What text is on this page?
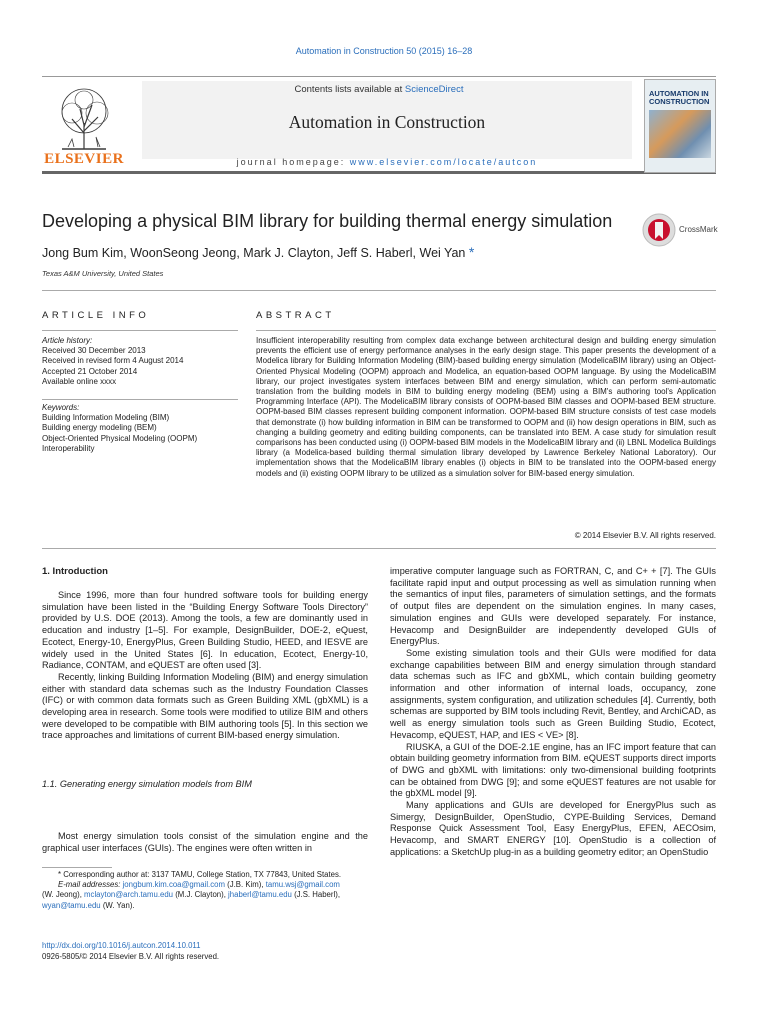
Automation in Construction 50 (2015) 16–28
ELSEVIER
Contents lists available at ScienceDirect
Automation in Construction
journal homepage: www.elsevier.com/locate/autcon
AUTOMATION IN CONSTRUCTION
Developing a physical BIM library for building thermal energy simulation	CrossMark
Jong Bum Kim, WoonSeong Jeong, Mark J. Clayton, Jeff S. Haberl, Wei Yan *
Texas A&M University, United States
ARTICLE INFO	ABSTRACT
Article history:
Received 30 December 2013
Received in revised form 4 August 2014
Accepted 21 October 2014
Available online xxxx
Keywords:
Building Information Modeling (BIM)
Building energy modeling (BEM)
Object-Oriented Physical Modeling (OOPM)
Interoperability
Insufficient interoperability resulting from complex data exchange between architectural design and building energy simulation prevents the efficient use of energy performance analyses in the early design stage. This paper presents the development of a Modelica library for Building Information Modeling (BIM)-based building energy simulation (ModelicaBIM library) using an Object-Oriented Physical Modeling (OOPM) approach and Modelica, an equation-based OOPM language. By using the ModelicaBIM library, our project investigates system interfaces between BIM and energy simulation, which can perform semi-automatic translation from the building models in BIM to building energy modeling (BEM) using a BIM's authoring tool's Application Programming Interface (API). The ModelicaBIM library consists of OOPM-based BIM classes and OOPM-based BEM structure. OOPM-based BIM classes represent building component information. OOPM-based BIM structure consists of test case models that demonstrate (i) how building information in BIM can be transformed to OOPM and (ii) how design operations in BIM, such as changing a building geometry and editing building components, can be translated into BEM. A case study for simulation result comparisons has been conducted using (i) OOPM-based BIM models in the ModelicaBIM library and (ii) LBNL Modelica Buildings library (a Modelica-based building thermal simulation library developed by Lawrence Berkeley National Laboratory). Our implementation shows that the ModelicaBIM library enables (i) objects in BIM to be translated into the OOPM-based energy models and (ii) existing OOPM library to be utilized as a simulation solver for BIM-based energy simulation.
© 2014 Elsevier B.V. All rights reserved.
1. Introduction

Since 1996, more than four hundred software tools for building energy simulation have been listed in the “Building Energy Software Tools Directory” provided by U.S. DOE (2013). Among the tools, a few are dominantly used in education and industry [1–5]. For example, DesignBuilder, DOE-2, eQuest, Ecotect, Energy-10, EnergyPlus, Green Building Studio, HEED, and IESVE are widely used in the United States [6]. In education, Ecotect, Energy-10, Radiance, CONTAM, and eQUEST are often used [3].

Recently, linking Building Information Modeling (BIM) and energy simulation either with standard data schemas such as the Industry Foundation Classes (IFC) or with common data formats such as Green Building XML (gbXML) is a developing area in research. Some tools were modified to utilize BIM and others were developed to be compatible with BIM authoring tools [5]. In this section we trace approaches and limitations of current BIM-based energy simulation.

1.1. Generating energy simulation models from BIM

Most energy simulation tools consist of the simulation engine and the graphical user interfaces (GUIs). The engines were often written in

* Corresponding author at: 3137 TAMU, College Station, TX 77843, United States.
E-mail addresses: jongbum.kim.coa@gmail.com (J.B. Kim), tamu.wsj@gmail.com
(W. Jeong), mclayton@arch.tamu.edu (M.J. Clayton), jhaberl@tamu.edu (J.S. Haberl),
wyan@tamu.edu (W. Yan).
http://dx.doi.org/10.1016/j.autcon.2014.10.011
0926-5805/© 2014 Elsevier B.V. All rights reserved.

imperative computer language such as FORTRAN, C, and C+ + [7]. The GUIs facilitate rapid input and output processing as well as simulation running when the semantics of input files, parameters of simulation settings, and the formats of output files are dependent on the simulation engines. In many cases, simulation engines and GUIs were developed separately. For instance, Hevacomp and DesignBuilder are independently developed GUIs of EnergyPlus.

Some existing simulation tools and their GUIs were modified for data exchange capabilities between BIM and energy simulation through standard data schemas such as IFC and gbXML, which contain building geometry information and other information of internal loads, occupancy, zone assignments, system configuration, and utilization schedules [4]. Currently, both schemas are supported by BIM tools including Revit, Bentley, and ArchiCAD, as well as energy simulation tools such as Green Building Studio, Ecotect, Hevacomp, eQUEST, HAP, and IES < VE> [8].

RIUSKA, a GUI of the DOE-2.1E engine, has an IFC import feature that can obtain building geometry information from BIM. eQUEST supports direct imports of DWG and gbXML with limitations: only two-dimensional building footprints can be obtained from DWG [9]; and some eQUEST features are not usable for the gbXML model [9].

Many applications and GUIs are developed for EnergyPlus such as Simergy, DesignBuilder, OpenStudio, CYPE-Building Services, Demand Response Quick Assessment Tool, Easy EnergyPlus, EFEN, AECOsim, Hevacomp, and SMART ENERGY [10]. OpenStudio is a collection of applications: a SketchUp plug-in as a building geometry editor; an OpenStudio
